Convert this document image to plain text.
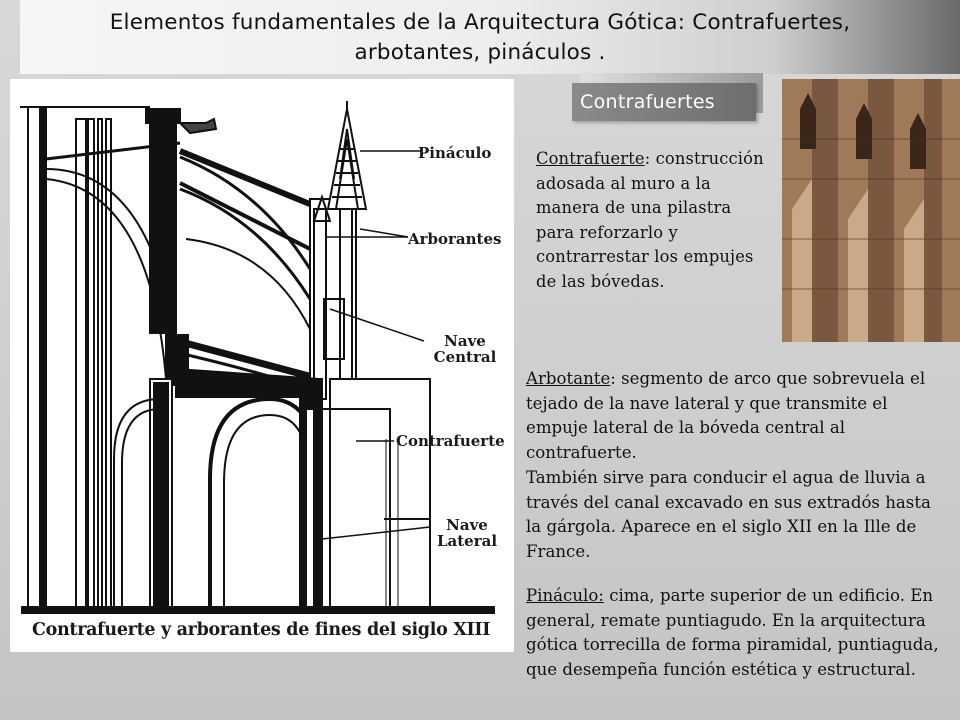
Elementos fundamentales de la Arquitectura Gótica: Contrafuertes,
arbotantes, pináculos .
Pináculo
Arborantes
Nave
Central
Contrafuerte
Nave
Lateral
Contrafuerte y arborantes de fines del siglo XIII
Contrafuertes
Contrafuerte: construcción adosada al muro a la manera de una pilastra para reforzarlo y contrarrestar los empujes de las bóvedas.
Arbotante: segmento de arco que sobrevuela el tejado de la nave lateral y que transmite el empuje lateral de la bóveda central al contrafuerte.
También sirve para conducir el agua de lluvia a través del canal excavado en sus extradós hasta la gárgola. Aparece en el siglo XII en la Ille de France.
Pináculo: cima, parte superior de un edificio. En general, remate puntiagudo. En la arquitectura gótica torrecilla de forma piramidal, puntiaguda, que desempeña función estética y estructural.
